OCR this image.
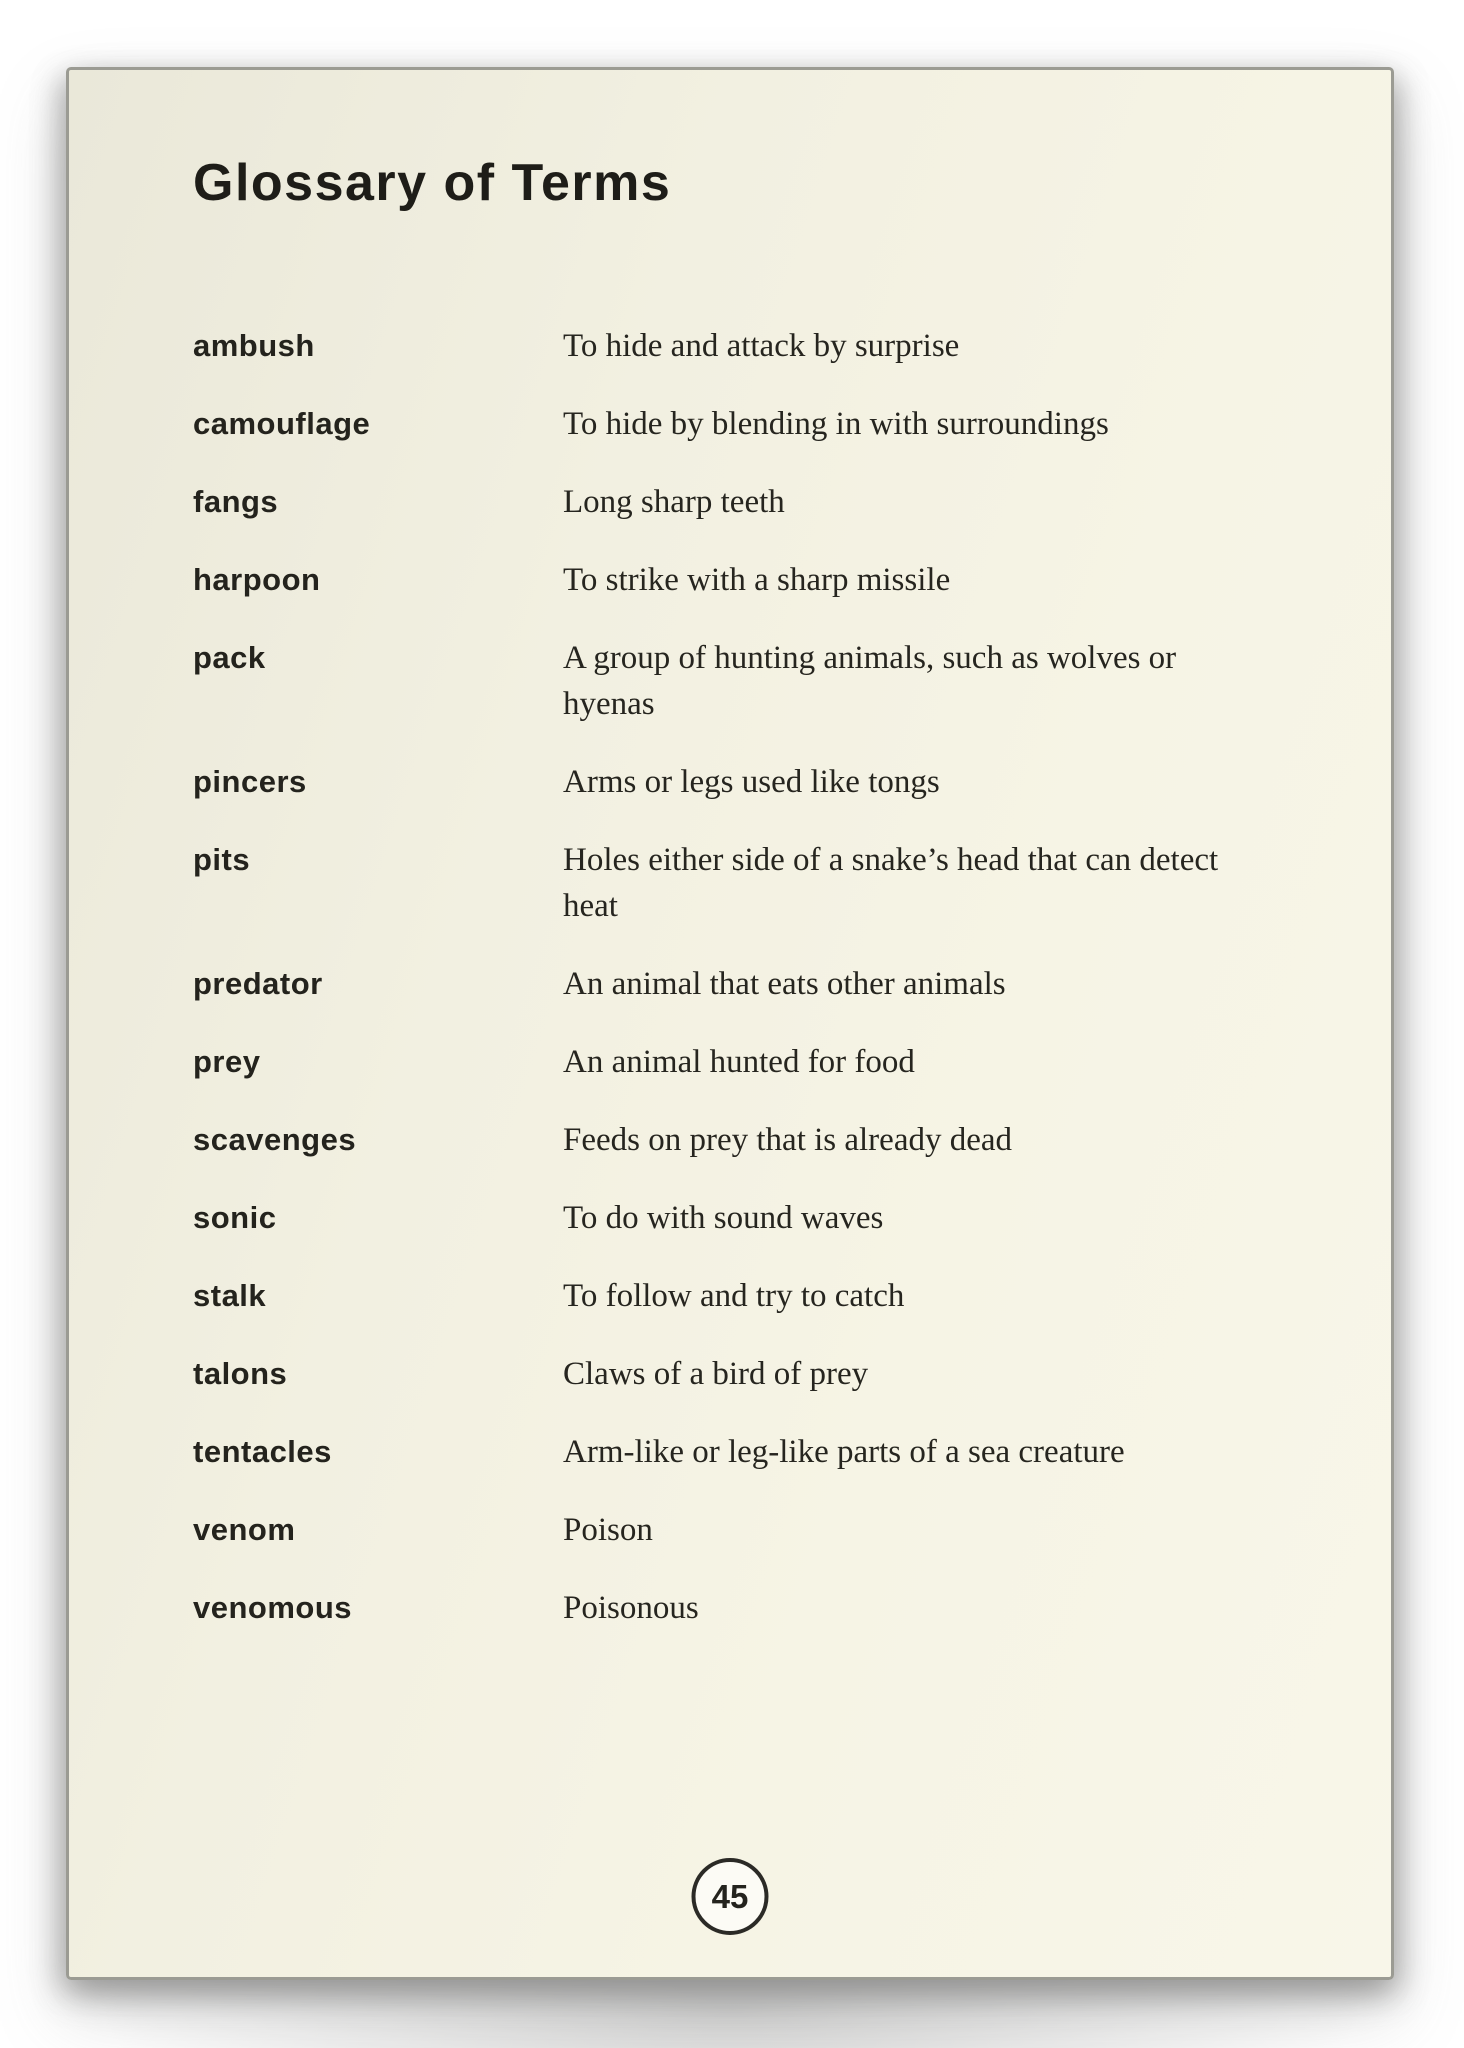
Glossary of Terms
ambush	To hide and attack by surprise
camouflage	To hide by blending in with surroundings
fangs	Long sharp teeth
harpoon	To strike with a sharp missile
pack	A group of hunting animals, such as wolves or hyenas
pincers	Arms or legs used like tongs
pits	Holes either side of a snake’s head that can detect heat
predator	An animal that eats other animals
prey	An animal hunted for food
scavenges	Feeds on prey that is already dead
sonic	To do with sound waves
stalk	To follow and try to catch
talons	Claws of a bird of prey
tentacles	Arm-like or leg-like parts of a sea creature
venom	Poison
venomous	Poisonous
45
